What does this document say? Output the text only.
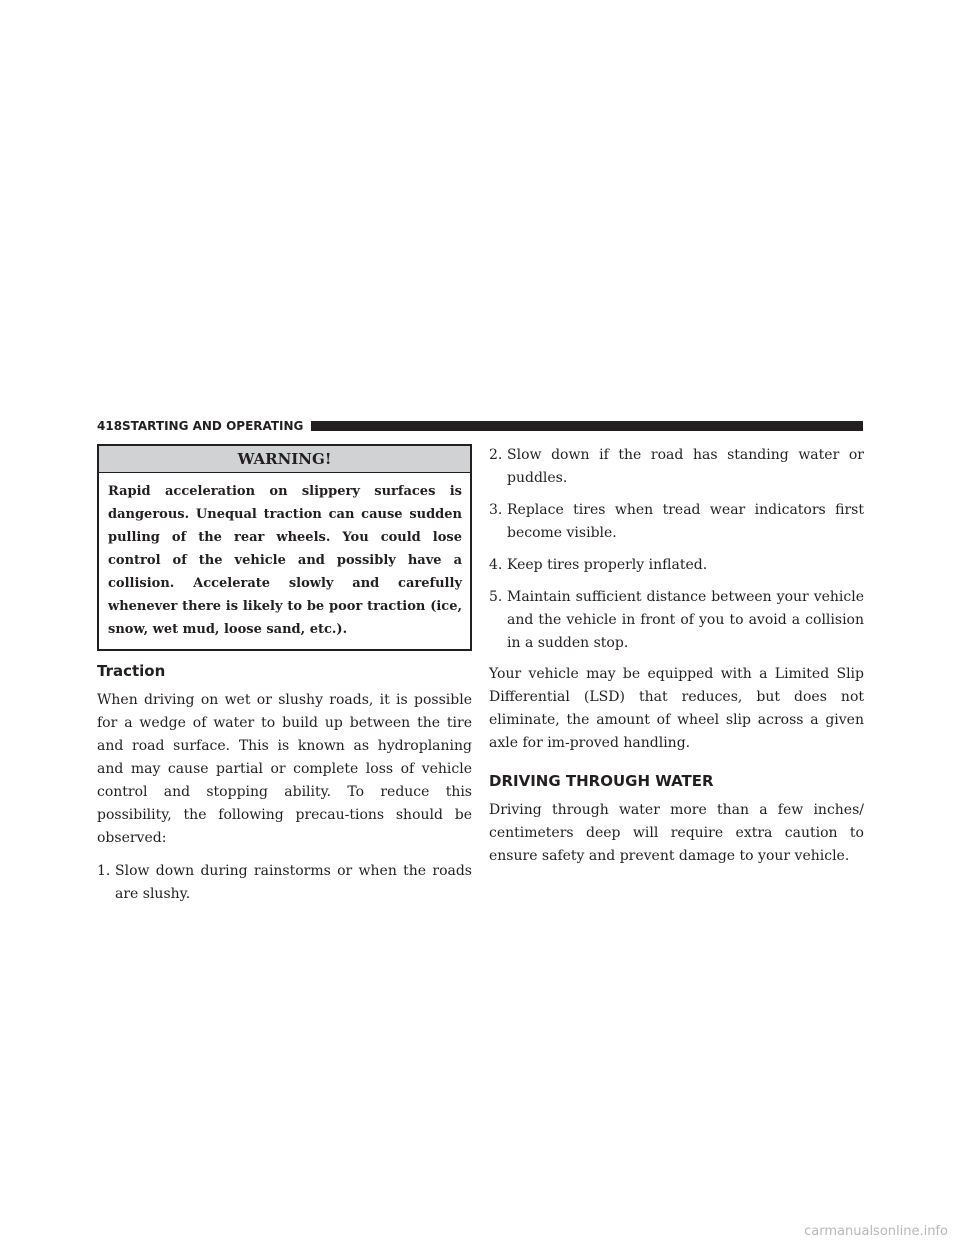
418 STARTING AND OPERATING
WARNING!
Rapid acceleration on slippery surfaces is dangerous. Unequal traction can cause sudden pulling of the rear wheels. You could lose control of the vehicle and possibly have a collision. Accelerate slowly and carefully whenever there is likely to be poor traction (ice, snow, wet mud, loose sand, etc.).
Traction

When driving on wet or slushy roads, it is possible for a wedge of water to build up between the tire and road surface. This is known as hydroplaning and may cause partial or complete loss of vehicle control and stopping ability. To reduce this possibility, the following precau-tions should be observed:

1. Slow down during rainstorms or when the roads are slushy.
2. Slow down if the road has standing water or puddles.
3. Replace tires when tread wear indicators first become visible.
4. Keep tires properly inflated.
5. Maintain sufficient distance between your vehicle and the vehicle in front of you to avoid a collision in a sudden stop.

Your vehicle may be equipped with a Limited Slip Differential (LSD) that reduces, but does not eliminate, the amount of wheel slip across a given axle for im-proved handling.

DRIVING THROUGH WATER

Driving through water more than a few inches/ centimeters deep will require extra caution to ensure safety and prevent damage to your vehicle.

carmanualsonline.info
